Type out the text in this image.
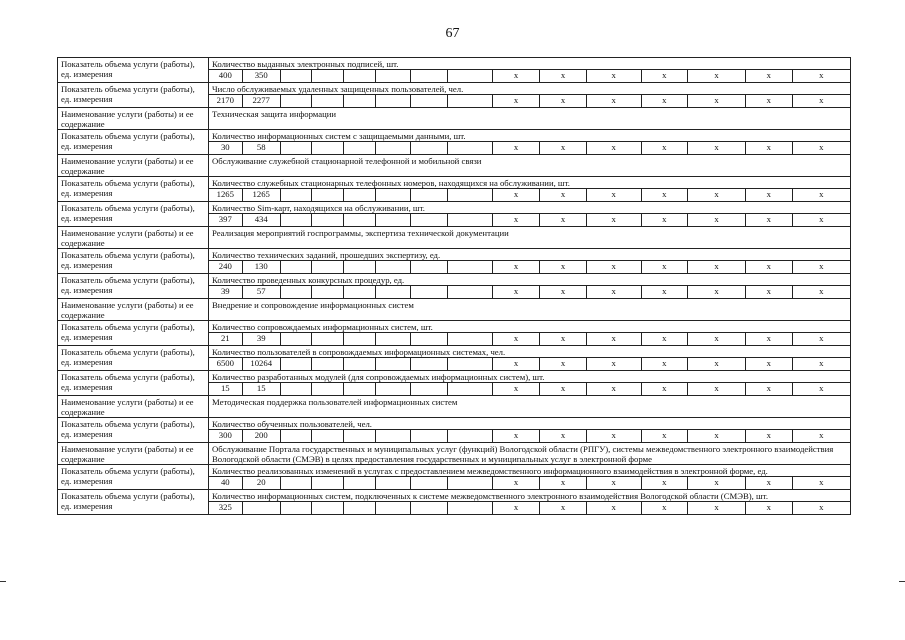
67
Показатель объема услуги (работы), ед. измерения	
Количество выданных электронных подписей, шт.
400	350							x	x	x	x	x	x	x

Показатель объема услуги (работы), ед. измерения	
Число обслуживаемых удаленных защищенных пользователей, чел.
2170	2277							x	x	x	x	x	x	x

Наименование услуги (работы) и ее содержание	
Техническая защита информации

Показатель объема услуги (работы), ед. измерения	
Количество информационных систем с защищаемыми данными, шт.
30	58							x	x	x	x	x	x	x

Наименование услуги (работы) и ее содержание	
Обслуживание служебной стационарной телефонной и мобильной связи

Показатель объема услуги (работы), ед. измерения	
Количество служебных стационарных телефонных номеров, находящихся на обслуживании, шт.
1265	1265							x	x	x	x	x	x	x

Показатель объема услуги (работы), ед. измерения	
Количество Sim-карт, находящихся на обслуживании, шт.
397	434							x	x	x	x	x	x	x

Наименование услуги (работы) и ее содержание	
Реализация мероприятий госпрограммы, экспертиза технической документации

Показатель объема услуги (работы), ед. измерения	
Количество технических заданий, прошедших экспертизу, ед.
240	130							x	x	x	x	x	x	x

Показатель объема услуги (работы), ед. измерения	
Количество проведенных конкурсных процедур, ед.
39	57							x	x	x	x	x	x	x

Наименование услуги (работы) и ее содержание	
Внедрение и сопровождение информационных систем

Показатель объема услуги (работы), ед. измерения	
Количество сопровождаемых информационных систем, шт.
21	39							x	x	x	x	x	x	x

Показатель объема услуги (работы), ед. измерения	
Количество пользователей в сопровождаемых информационных системах, чел.
6500	10264							x	x	x	x	x	x	x

Показатель объема услуги (работы), ед. измерения	
Количество разработанных модулей (для сопровождаемых информационных систем), шт.
15	15							x	x	x	x	x	x	x

Наименование услуги (работы) и ее содержание	
Методическая поддержка пользователей информационных систем

Показатель объема услуги (работы), ед. измерения	
Количество обученных пользователей, чел.
300	200							x	x	x	x	x	x	x

Наименование услуги (работы) и ее содержание	
Обслуживание Портала государственных и муниципальных услуг (функций) Вологодской области (РПГУ), системы межведомственного электронного взаимодействия Вологодской области (СМЭВ) в целях предоставления государственных и муниципальных услуг в электронной форме

Показатель объема услуги (работы), ед. измерения	
Количество реализованных изменений в услугах с предоставлением межведомственного информационного взаимодействия в электронной форме, ед.
40	20							x	x	x	x	x	x	x

Показатель объема услуги (работы), ед. измерения	
Количество информационных систем, подключенных к системе межведомственного электронного взаимодействия Вологодской области (СМЭВ), шт.
325								x	x	x	x	x	x	x
